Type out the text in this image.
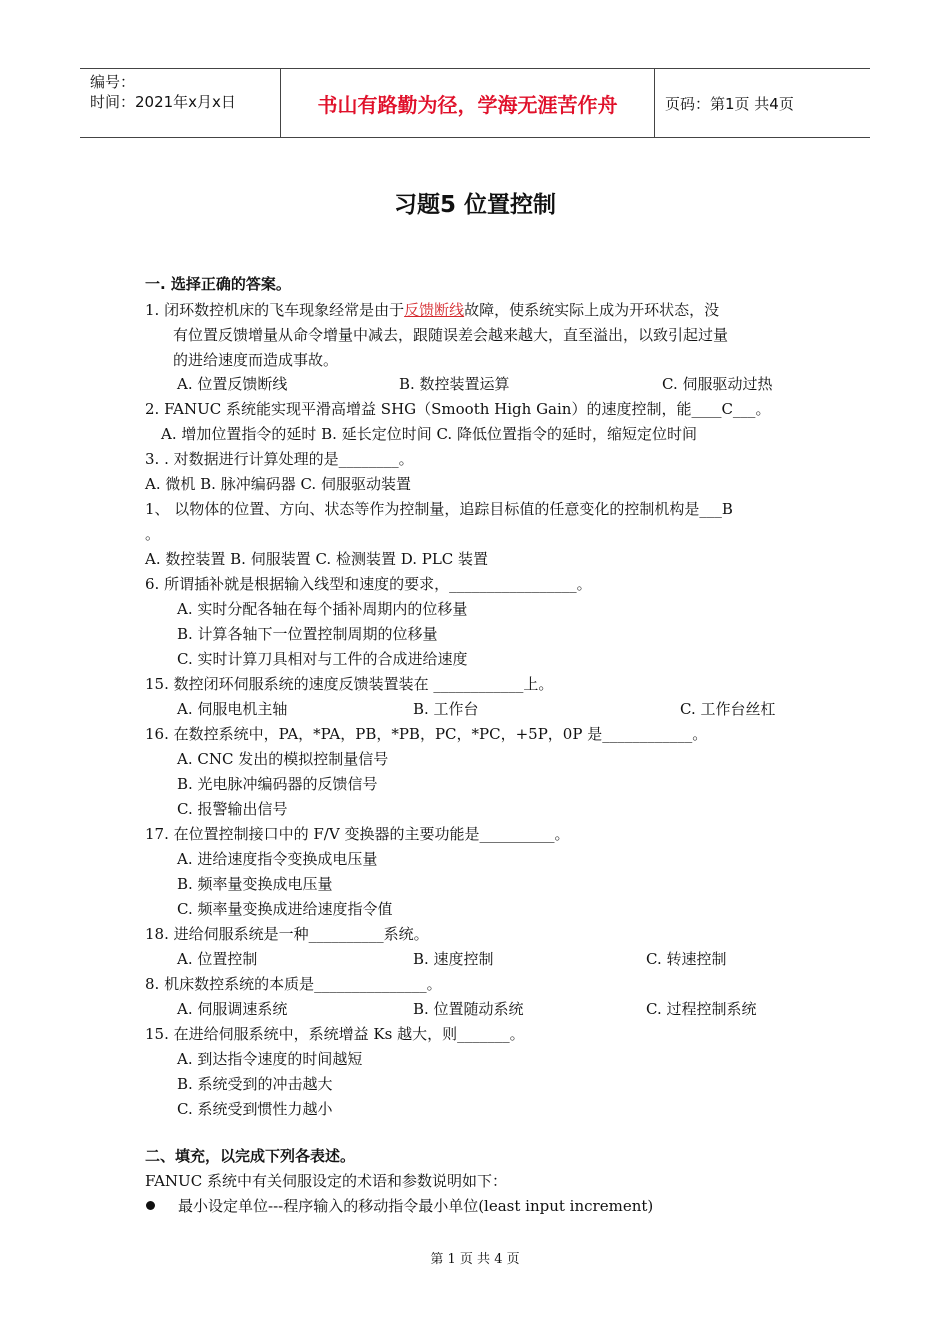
编号：
时间：2021年x月x日	书山有路勤为径，学海无涯苦作舟	页码：第1页 共4页
习题5 位置控制
一. 选择正确的答案。
1. 闭环数控机床的飞车现象经常是由于反馈断线故障，使系统实际上成为开环状态，没
有位置反馈增量从命令增量中减去，跟随误差会越来越大，直至溢出，以致引起过量
的进给速度而造成事故。
A. 位置反馈断线	B. 数控装置运算	C. 伺服驱动过热
2. FANUC 系统能实现平滑高增益 SHG（Smooth High Gain）的速度控制，能____C___。
A. 增加位置指令的延时 B. 延长定位时间 C. 降低位置指令的延时，缩短定位时间
3. . 对数据进行计算处理的是________。
A. 微机 B. 脉冲编码器 C. 伺服驱动装置
1、 以物体的位置、方向、状态等作为控制量，追踪目标值的任意变化的控制机构是___B
。
A. 数控装置 B. 伺服装置 C. 检测装置 D. PLC 装置
6. 所谓插补就是根据输入线型和速度的要求，_________________。
A. 实时分配各轴在每个插补周期内的位移量
B. 计算各轴下一位置控制周期的位移量
C. 实时计算刀具相对与工件的合成进给速度
15. 数控闭环伺服系统的速度反馈装置装在 ____________上。
A. 伺服电机主轴	B. 工作台	C. 工作台丝杠
16. 在数控系统中，PA，*PA，PB，*PB，PC，*PC，+5P，0P 是____________。
A. CNC 发出的模拟控制量信号
B. 光电脉冲编码器的反馈信号
C. 报警输出信号
17. 在位置控制接口中的 F/V 变换器的主要功能是__________。
A. 进给速度指令变换成电压量
B. 频率量变换成电压量
C. 频率量变换成进给速度指令值
18. 进给伺服系统是一种__________系统。
A. 位置控制	B. 速度控制	C. 转速控制
8. 机床数控系统的本质是_______________。
A. 伺服调速系统	B. 位置随动系统	C. 过程控制系统
15. 在进给伺服系统中，系统增益 Ks 越大，则_______。
A. 到达指令速度的时间越短
B. 系统受到的冲击越大
C. 系统受到惯性力越小
二、填充，以完成下列各表述。
FANUC 系统中有关伺服设定的术语和参数说明如下：
最小设定单位---程序输入的移动指令最小单位(least input increment)
第 1 页 共 4 页
